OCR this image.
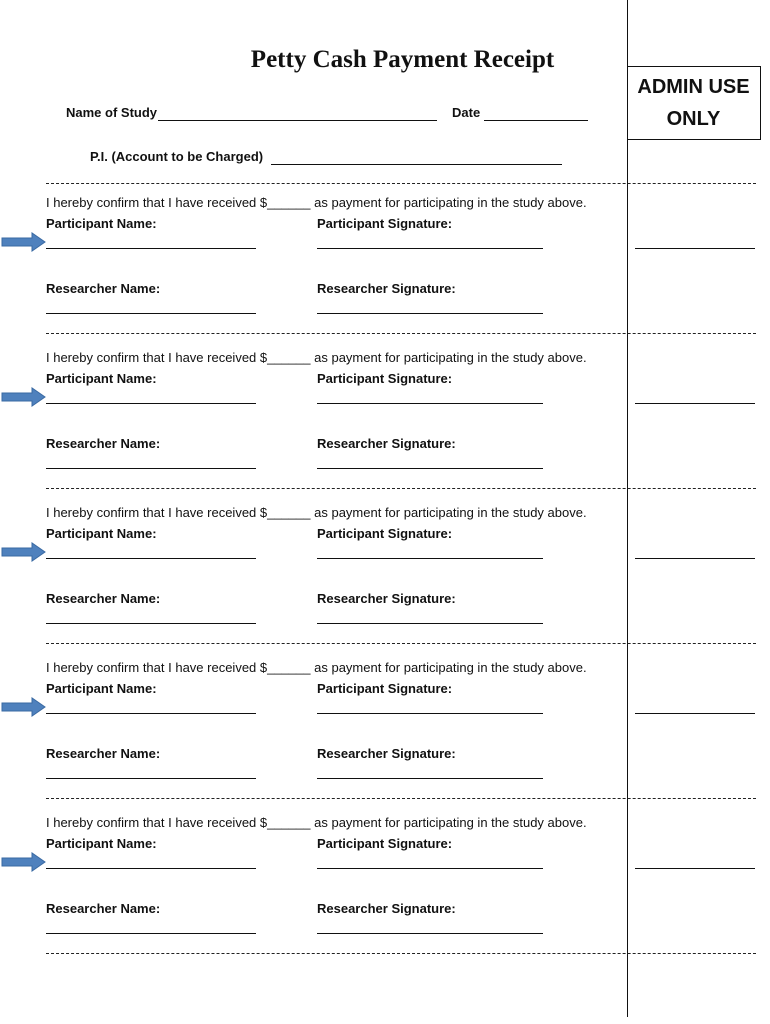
Petty Cash Payment Receipt
ADMIN USE
ONLY
Name of Study	Date
P.I. (Account to be Charged)
I hereby confirm that I have received $______ as payment for participating in the study above.
Participant Name:	Participant Signature:
Researcher Name:	Researcher Signature:
I hereby confirm that I have received $______ as payment for participating in the study above.
Participant Name:	Participant Signature:
Researcher Name:	Researcher Signature:
I hereby confirm that I have received $______ as payment for participating in the study above.
Participant Name:	Participant Signature:
Researcher Name:	Researcher Signature:
I hereby confirm that I have received $______ as payment for participating in the study above.
Participant Name:	Participant Signature:
Researcher Name:	Researcher Signature:
I hereby confirm that I have received $______ as payment for participating in the study above.
Participant Name:	Participant Signature:
Researcher Name:	Researcher Signature:
